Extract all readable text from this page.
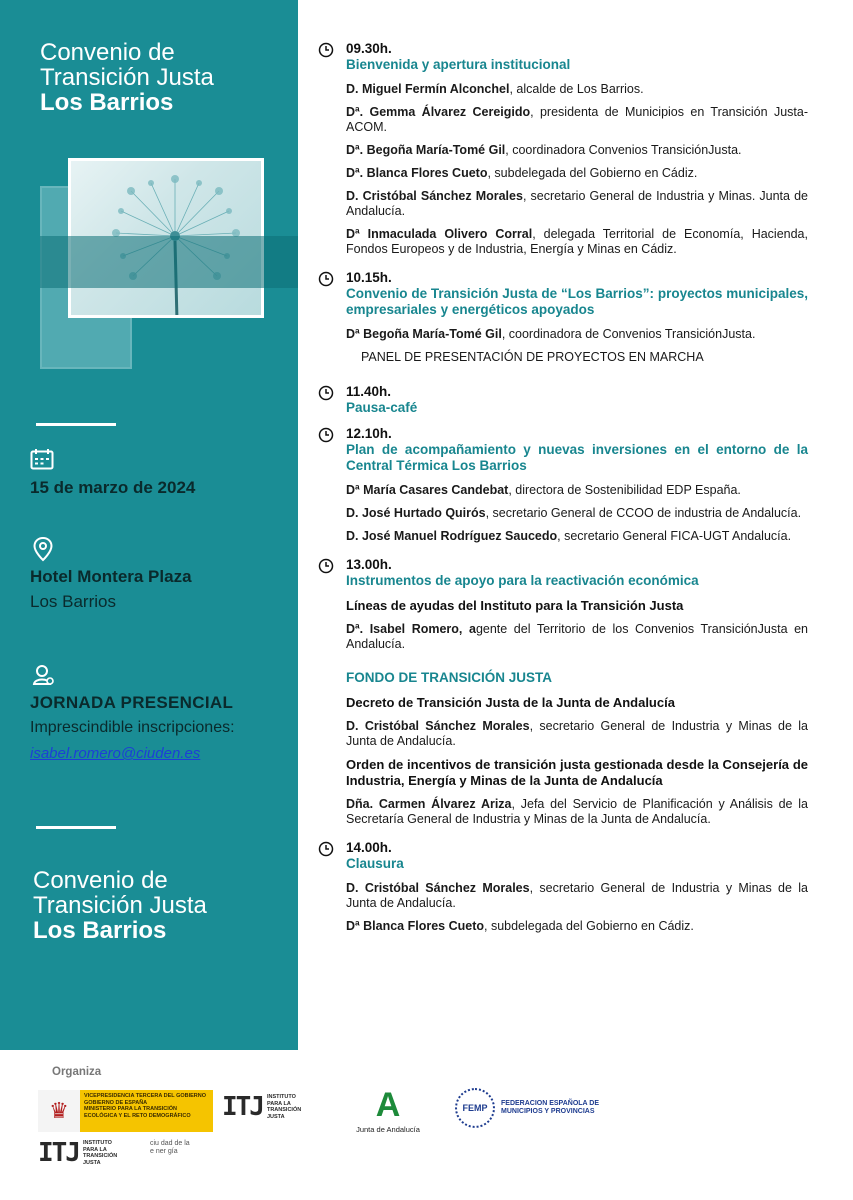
Convenio de
Transición Justa
Los Barrios
15 de marzo de 2024
Hotel Montera Plaza
Los Barrios
JORNADA PRESENCIAL
Imprescindible inscripciones:
isabel.romero@ciuden.es
Convenio de
Transición Justa
Los Barrios
09.30h.
Bienvenida y apertura institucional
D. Miguel Fermín Alconchel, alcalde de Los Barrios.
Dª. Gemma Álvarez Cereigido, presidenta de Municipios en Transición Justa-ACOM.
Dª. Begoña María-Tomé Gil, coordinadora Convenios TransiciónJusta.
Dª. Blanca Flores Cueto, subdelegada del Gobierno en Cádiz.
D. Cristóbal Sánchez Morales, secretario General de Industria y Minas. Junta de Andalucía.
Dª Inmaculada Olivero Corral, delegada Territorial de Economía, Hacienda, Fondos Europeos y de Industria, Energía y Minas en Cádiz.
10.15h.
Convenio de Transición Justa de “Los Barrios”: proyectos municipales, empresariales y energéticos apoyados
Dª Begoña María-Tomé Gil, coordinadora de Convenios TransiciónJusta.
PANEL DE PRESENTACIÓN DE PROYECTOS EN MARCHA
11.40h.
Pausa-café
12.10h.
Plan de acompañamiento y nuevas inversiones en el entorno de la Central Térmica Los Barrios
Dª María Casares Candebat, directora de Sostenibilidad EDP España.
D. José Hurtado Quirós, secretario General de CCOO de industria de Andalucía.
D. José Manuel Rodríguez Saucedo, secretario General FICA-UGT Andalucía.
13.00h.
Instrumentos de apoyo para la reactivación económica
Líneas de ayudas del Instituto para la Transición Justa
Dª. Isabel Romero, agente del Territorio de los Convenios TransiciónJusta en Andalucía.
FONDO DE TRANSICIÓN JUSTA
Decreto de Transición Justa de la Junta de Andalucía
D. Cristóbal Sánchez Morales, secretario General de Industria y Minas de la Junta de Andalucía.
Orden de incentivos de transición justa gestionada desde la Consejería de Industria, Energía y Minas de la Junta de Andalucía
Dña. Carmen Álvarez Ariza, Jefa del Servicio de Planificación y Análisis de la Secretaría General de Industria y Minas de la Junta de Andalucía.
14.00h.
Clausura
D. Cristóbal Sánchez Morales, secretario General de Industria y Minas de la Junta de Andalucía.
Dª Blanca Flores Cueto, subdelegada del Gobierno en Cádiz.
Organiza
♛
VICEPRESIDENCIA TERCERA DEL GOBIERNO
GOBIERNO DE ESPAÑA
MINISTERIO PARA LA TRANSICIÓN ECOLÓGICA Y EL RETO DEMOGRÁFICO	ITJ INSTITUTO PARA LA TRANSICIÓN JUSTA	A
Junta de Andalucía
FEMP	FEDERACION ESPAÑOLA DE MUNICIPIOS Y PROVINCIAS
ITJ INSTITUTO PARA LA TRANSICIÓN JUSTA
ciu dad de la e ner gía
